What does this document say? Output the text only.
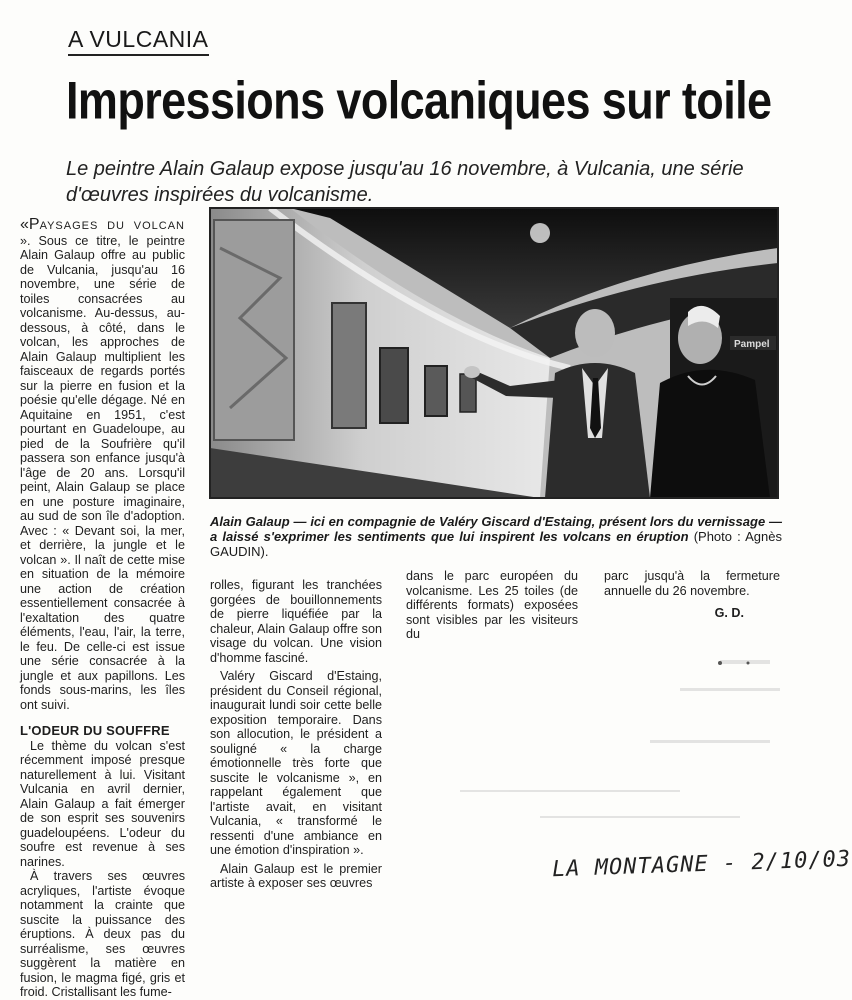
A VULCANIA
Impressions volcaniques sur toile
Le peintre Alain Galaup expose jusqu'au 16 novembre, à Vulcania, une série d'œuvres inspirées du volcanisme.

«PAYSAGES DU VOLCAN ». Sous ce titre, le peintre Alain Galaup offre au public de Vulcania, jusqu'au 16 novembre, une série de toiles consacrées au volcanisme. Au-dessus, au-dessous, à côté, dans le volcan, les approches de Alain Galaup multiplient les faisceaux de regards portés sur la pierre en fusion et la poésie qu'elle dégage. Né en Aquitaine en 1951, c'est pourtant en Guadeloupe, au pied de la Soufrière qu'il passera son enfance jusqu'à l'âge de 20 ans. Lorsqu'il peint, Alain Galaup se place en une posture imaginaire, au sud de son île d'adoption. Avec : « Devant soi, la mer, et derrière, la jungle et le volcan ». Il naît de cette mise en situation de la mémoire une action de création essentiellement consacrée à l'exaltation des quatre éléments, l'eau, l'air, la terre, le feu. De celle-ci est issue une série consacrée à la jungle et aux papillons. Les fonds sous-marins, les îles ont suivi.

L'ODEUR DU SOUFFRE

Le thème du volcan s'est récemment imposé presque naturellement à lui. Visitant Vulcania en avril dernier, Alain Galaup a fait émerger de son esprit ses souvenirs guadeloupéens. L'odeur du soufre est revenue à ses narines.

À travers ses œuvres acryliques, l'artiste évoque notamment la crainte que suscite la puissance des éruptions. À deux pas du surréalisme, ses œuvres suggèrent la matière en fusion, le magma figé, gris et froid. Cristallisant les fume-

Pampel
Alain Galaup — ici en compagnie de Valéry Giscard d'Estaing, présent lors du vernissage — a laissé s'exprimer les sentiments que lui inspirent les volcans en éruption (Photo : Agnès GAUDIN).

rolles, figurant les tranchées gorgées de bouillonnements de pierre liquéfiée par la chaleur, Alain Galaup offre son visage du volcan. Une vision d'homme fasciné.

Valéry Giscard d'Estaing, président du Conseil régional, inaugurait lundi soir cette belle exposition temporaire. Dans son allocution, le président a souligné « la charge émotionnelle très forte que suscite le volcanisme », en rappelant également que l'artiste avait, en visitant Vulcania, « transformé le ressenti d'une ambiance en une émotion d'inspiration ».

Alain Galaup est le premier artiste à exposer ses œuvres

dans le parc européen du volcanisme. Les 25 toiles (de différents formats) exposées sont visibles par les visiteurs du

parc jusqu'à la fermeture annuelle du 26 novembre.

G. D.
LA MONTAGNE - 2/10/03
